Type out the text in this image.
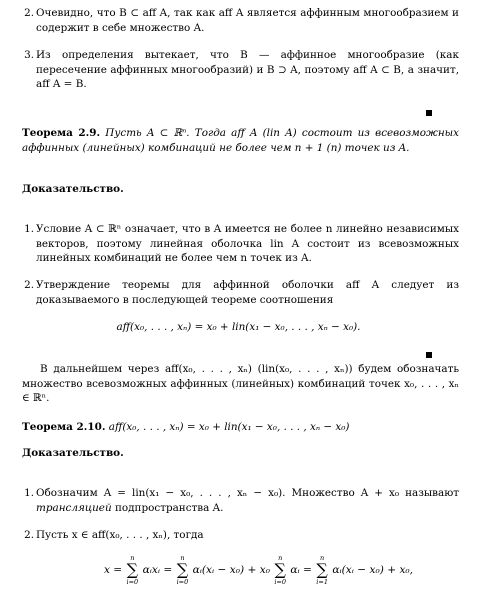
2. Очевидно, что B ⊂ aff A, так как aff A является аффинным многообразием и содержит в себе множество A.

3. Из определения вытекает, что B — аффинное многообразие (как пересечение аффинных многообразий) и B ⊃ A, поэтому aff A ⊂ B, а значит, aff A = B.

Теорема 2.9. Пусть A ⊂ ℝⁿ. Тогда aff A (lin A) состоит из всевозможных аффинных (линейных) комбинаций не более чем n + 1 (n) точек из A.

Доказательство.
1. Условие A ⊂ ℝⁿ означает, что в A имеется не более n линейно независимых векторов, поэтому линейная оболочка lin A состоит из всевозможных линейных комбинаций не более чем n точек из A.

2. Утверждение теоремы для аффинной оболочки aff A следует из доказываемого в последующей теореме соотношения

aff(x₀, . . . , xₙ) = x₀ + lin(x₁ − x₀, . . . , xₙ − x₀).

В дальнейшем через aff(x₀, . . . , xₙ) (lin(x₀, . . . , xₙ)) будем обозначать множество всевозможных аффинных (линейных) комбинаций точек x₀, . . . , xₙ ∈ ℝⁿ.

Теорема 2.10. aff(x₀, . . . , xₙ) = x₀ + lin(x₁ − x₀, . . . , xₙ − x₀)
Доказательство.
1. Обозначим A = lin(x₁ − x₀, . . . , xₙ − x₀). Множество A + x₀ называют трансляцией подпространства A.

2. Пусть x ∈ aff(x₀, . . . , xₙ), тогда

x =
n
∑
i=0
αᵢxᵢ =
n
∑
i=0
αᵢ(xᵢ − x₀) + x₀
n
∑
i=0
αᵢ =
n
∑
i=1
αᵢ(xᵢ − x₀) + x₀,
